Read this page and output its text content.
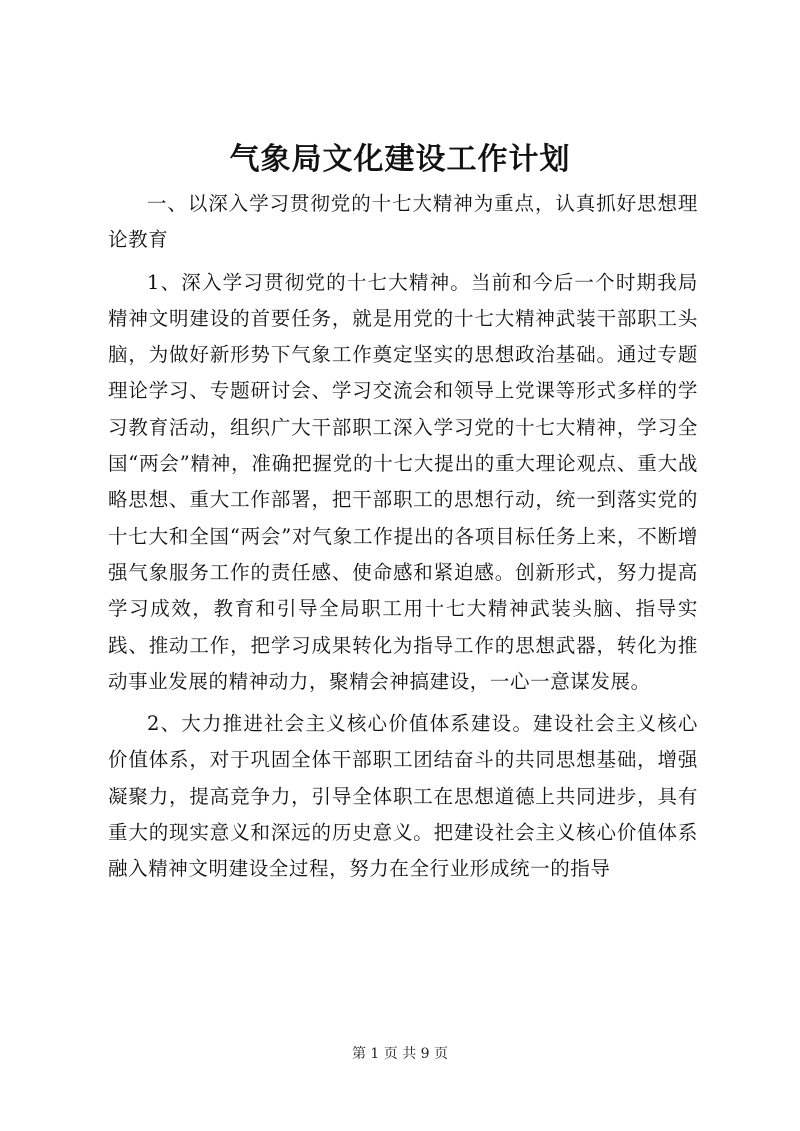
气象局文化建设工作计划

一、以深入学习贯彻党的十七大精神为重点，认真抓好思想理论教育

1、深入学习贯彻党的十七大精神。当前和今后一个时期我局精神文明建设的首要任务，就是用党的十七大精神武装干部职工头脑，为做好新形势下气象工作奠定坚实的思想政治基础。通过专题理论学习、专题研讨会、学习交流会和领导上党课等形式多样的学习教育活动，组织广大干部职工深入学习党的十七大精神，学习全国“两会”精神，准确把握党的十七大提出的重大理论观点、重大战略思想、重大工作部署，把干部职工的思想行动，统一到落实党的十七大和全国“两会”对气象工作提出的各项目标任务上来，不断增强气象服务工作的责任感、使命感和紧迫感。创新形式，努力提高学习成效，教育和引导全局职工用十七大精神武装头脑、指导实践、推动工作，把学习成果转化为指导工作的思想武器，转化为推动事业发展的精神动力，聚精会神搞建设，一心一意谋发展。

2、大力推进社会主义核心价值体系建设。建设社会主义核心价值体系，对于巩固全体干部职工团结奋斗的共同思想基础，增强凝聚力，提高竞争力，引导全体职工在思想道德上共同进步，具有重大的现实意义和深远的历史意义。把建设社会主义核心价值体系融入精神文明建设全过程，努力在全行业形成统一的指导

第 1 页 共 9 页
